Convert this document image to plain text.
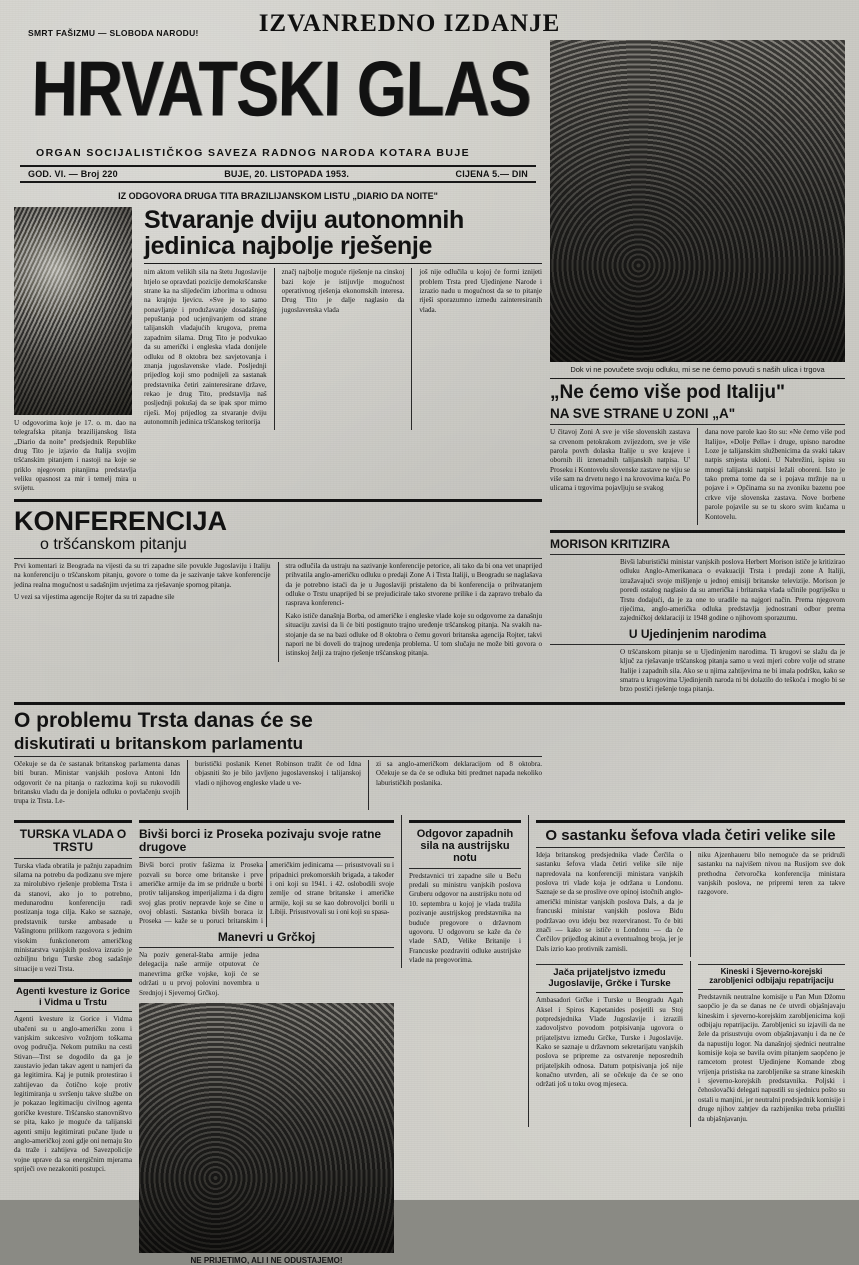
IZVANREDNO IZDANJE
SMRT FAŠIZMU — SLOBODA NARODU!
HRVATSKI GLAS
ORGAN SOCIJALISTIČKOG SAVEZA RADNOG NARODA KOTARA BUJE
GOD. VI. — Broj 220	BUJE, 20. LISTOPADA 1953.	CIJENA 5.— DIN
IZ ODGOVORA DRUGA TITA BRAZILIJANSKOM LISTU „DIARIO DA NOITE"
U odgovorima koje je 17. o. m. dao na telegrafska pitanja brazilijanskog lista „Diario da noite" predsjednik Republike drug Tito je izjavio da Italija svojim tršćanskim pitanjem i nastoji na koje se priklo njegovom pitanjima predstavlja veliku opasnost za mir i temelj mira u svijetu.
Stvaranje dviju autonomnih jedinica najbolje rješenje

nim aktom velikih sila na štetu Jugoslavije htjelo se opravdati pozicije demokršćanske strane ka na slijedećim izborima u odnosu na krajnju ljevicu. »Sve je to samo ponavljanje i produžavanje dosadašnjeg pepuštanja pod ucjenjivanjem od strane talijanskih vladajućih krugova, prema zapadnim silama. Drug Tito je podvukao da su američki i engleska vlada donijele odluku od 8 oktobra bez savjetovanja i znanja jugoslavenske vlade. Posljednji prijedlog koji smo podnijeli za sastanak predstavnika četiri zainteresirane države, rekao je drug Tito, predstavlja naš posljednji pokušaj da se ipak spor mirno riješi. Moj prijedlog za stvaranje dviju autonomnih jedinica tršćanskog teritorija

značj najbolje moguće riješenje na cinskoj bazi koje je istijuvlje mogućnost operativnog rješenja ekonomskih interesa. Drug Tito je dalje naglasio da jugoslavenska vlada

još nije odlučila u kojoj će formi iznijeti problem Trsta pred Ujedinjene Narode i izrazio nadu u mogućnost da se to pitanje riješi sporazumno između zainteresiranih vlada.

KONFERENCIJA
o tršćanskom pitanju

Prvi komentari iz Beograda na vijesti da su tri zapadne sile povukle Jugoslaviju i Italiju na konferenciju o tršćanskom pitanju, govore o tome da je sazivanje takve konferencije jedina realna mogućnost u sadašnjim uvjetima za rješavanje spornog pitanja.

U vezi sa vijestima agencije Rojter da su tri zapadne sile

stra odlučila da ustraju na sazivanje konferencije petorice, ali tako da bi ona vet unaprijed prihvatila anglo-američku odluku o predaji Zone A i Trsta Italiji, u Beogradu se naglašava da je potrebno istaći da je u Jugoslaviji pristaleno da bi konferencija o prihvatanjem odluke o Trstu unaprijed bi se prejudicirale tako stvorene prilike i da zapravo trebalo da rasprava konferenci-

Kako ističe današnja Borba, od američke i engleske vlade koje su odgovorne za današnju situaciju zavisi da li će biti postignuto trajno uređenje tršćanskog pitanja. Na svakih na-stojanje da se na bazi odluke od 8 oktobra o čemu govori britanska agencija Rojter, takvi napori ne bi doveli do trajnog uređenja problema. U tom slučaju ne može biti govora o istinskoj želji za trajno rješenje tršćanskog pitanja.

Dok vi ne povučete svoju odluku, mi se ne ćemo povući s naših ulica i trgova
„Ne ćemo više pod Italiju"
NA SVE STRANE U ZONI „A"

U čitavoj Zoni A sve je više slovenskih zastava sa crvenom petokrakom zvijezdom, sve je više parola povrh dolaska Italije u sve krajeve i obornih ili iznenadnih talijanskih natpisa. U' Proseku i Kontovelu slovenske zastave ne viju se više sam na drvetu nego i na krovovima kuća. Po ulicama i trgovima pojavljuju se svakog

dana nove parole kao što su: »Ne ćemo više pod Italiju«, »Dolje Pella« i druge, upisno narodne Loze je talijanskim službenicima da svaki takav natpis smjesta ukloni. U Nabrežini, ispisu su mnogi talijanski natpisi ležali oboreni. Isto je tako prema tome da se i pojava mržnje na u pojave i » Opčinama su na zvoniku bazenu poe crkve vije slovenska zastava. Nove borbene parole pojavile su se tu skoro svim kućama u Kontovelu.

MORISON KRITIZIRA

Bivši laburistički ministar vanjskih poslova Herbert Morison ističe je kritizirao odluku Anglo-Amerikanaca o evakuaciji Trsta i predaji zone A Italiji, izražavajući svoje mišljenje u jednoj emisiji britanske televizije. Morison je poredi ostalog naglasio da su američka i britanska vlada učinile pogriješku u Trstu dodajući, da je za one to uradile na najgori način. Prema njegovom rijećima, anglo-američka odluka predstavlja jednostrani odbor prema zajedničkoj deklaraciji iz 1948 godine o njihovom sporazumu.

U Ujedinjenim narodima

O tršćanskom pitanju se u Ujedinjenim narodima. Ti krugovi se slažu da je ključ za rješavanje tršćanskog pitanja samo u vezi mjeri cobre volje od strane Italije i zapadnih sila. Ako se u njima zahtijevima ne bi imala podršku, kako se smatra u krugovima Ujedinjenih naroda ni bi dolazilo do teškoća i moglo bi se brzo postići rješenje toga pitanja.

O problemu Trsta danas će se
diskutirati u britanskom parlamentu

Očekuje se da će sastanak britanskog parlamenta danas biti buran. Ministar vanjskih poslova Antoni Idn odgovorit će na pitanja o razlozima koji su rukovodili britansku vladu da je donijela odluku o povlačenju svojih trupa iz Trsta. Le-

buristički poslanik Kenet Robinson tražit će od Idna objasniti što je bilo javljeno jugoslavenskoj i talijanskoj vladi o njihovog engleske vlade u ve-

zi sa anglo-američkom deklaracijom od 8 oktobra. Očekuje se da će se odluka biti predmet napada nekoliko laburističkih poslanika.

TURSKA VLADA O TRSTU

Turska vlada obratila je pažnju zapadnim silama na potrebu da podizanu sve mjere za mirolubivo rješenje problema Trsta i da stanovi, ako jo to potrebno, medunarodnu konferenciju radi postizanja toga cilja. Kako se saznaje, predstavnik turske ambasade u Vašingtonu prilikom razgovora s jednim visokim funkcionerom američkog ministarstva vanjskih poslova izrazio je ozbiljnu brigu Turske zbog sadašnje situacije u vezi Trsta.

Agenti kvesture iz Gorice i Vidma u Trstu

Agenti kvesture iz Gorice i Vidma ubačeni su u anglo-američku zonu i vanjskim sukcesivo vožnjom toškama ovog područja. Nekom putniku na cesti Stivan—Trst se dogodilo da ga je zaustavio jedan takav agent u namjeri da ga legitimira. Kaj je putnik protestirao i zahtijevao da čotično koje protiv legitimiranja u svršenju takve službe on je pokazao legitimaciju civilnog agenta goričke kvesture. Tršćansko stanovništvo se pita, kako je moguće da talijanski agenti smiju legitimirati pučane ljude u anglo-američkoj zoni gdje oni nemaju što da traže i zahtijeva od Savezpolicije vojne uprave da sa energičnim mjerama spriječi ove nezakoniti postupci.

Bivši borci iz Proseka pozivaju svoje ratne drugove

Bivši borci protiv fašizma iz Proseka pozvali su borce ome britanske i prve američke armije da im se pridruže u borbi protiv talijanskog imperijalizma i da digru svoj glas protiv nepravde koje se čine u ovoj oblasti. Sastanka bivših boraca iz Proseka — kaže se u poruci britanskim i američkim jedinicama — prisustvovali su i pripadnici prekomorskih brigada, a također i oni koji su 1941. i 42. oslobodili svoje zemlje od strane britanske i američke armije, koji su se kao dobrovoljci borili u Libiji. Prisustvovali su i oni koji su spasa-

Manevri u Grčkoj

Na poziv general-štaba armije jedna delegacija naše armije otputovat će manevrima grčke vojske, koji će se održati u u prvoj polovini novembra u Srednjoj i Sjevernoj Grčkoj.

NE PRIJETIMO, ALI I NE ODUSTAJEMO!
Odgovor zapadnih sila na austrijsku notu

Predstavnici tri zapadne sile u Beču predali su ministru vanjskih poslova Gruberu odgovor na austrijsku notu od 10. septembra u kojoj je vlada tražila pozivanje austrijskog predstavnika na buduće pregovore o državnom ugovoru. U odgovoru se kaže da će vlade SAD, Velike Britanije i Francuske pozdraviti odluke austrijske vlade na pregovorima.

O sastanku šefova vlada četiri velike sile

Ideja britanskog predsjednika vlade Čerčila o sastanku šefova vlada četiri velike sile nije napredovala na konferenciji ministara vanjskih poslova tri vlade koja je održana u Londonu. Saznaje se da se proslive ove opinoj istočnih anglo-američki ministar vanjskih poslova Dals, a da je francuski ministar vanjskih poslova Bidu podržavao ovu ideju bez rezerviranost. To će biti znači — kako se ističe u Londonu — da će Čerčilov prijedlog akinut a eventualnog broja, jer je Dals izrio kao protivnik zamisli.

niku Ajzenhaueru bilo nemoguće da se pridruži sastanku na najvišem nivou na Rusijom sve dok prethodna četvoročka konferencija ministara vanjskih poslova, ne pripremi teren za takve razgovore.

Jača prijateljstvo između Jugoslavije, Grčke i Turske

Ambasadori Grčke i Turske u Beogradu Agah Aksel i Spiros Kapetanides posjetili su Stoj potpredsjednika Vlade Jugoslavije i izrazili zadovoljstvo povodom potpisivanja ugovora o prijateljstvu između Grčke, Turske i Jugoslavije. Kako se saznaje u državnom sekretarijatu vanjskih poslova se pripreme za ostvarenje neposrednih prijateljskih odnosa. Datum potpisivanja još nije konačno utvrđen, ali se očekuje da će se ono održati još u toku ovog mjeseca.

Kineski i Sjeverno-korejski zarobljenici odbijaju repatrijaciju

Predstavnik neutralne komisije u Pan Mun Džomu saopćio je da se danas ne će utvrdi objašnjavaju kineskim i sjeverno-korejskim zarobljenicima koji odbijaju repatrijaciju. Zarobljenici su izjavili da ne žele da prisustvuju ovom objašnjavanju i da ne će da napustiju logor. Na današnjoj sjednici neutralne komisije koja se bavila ovim pitanjem saopćeno je ramcetom protest Ujedinjene Komande zbog vrijenja pristiska na zarobljenike sa strane kineskih i sjeverno-korejskih predstavnika. Poljski i čehoslovački delegati napustili su sjednicu pošto su ostali u manjini, jer neutralni predsjednik komisije i druge njihov zahtjev da razbijeniku treba priušliti da ubjašnjavanju.
